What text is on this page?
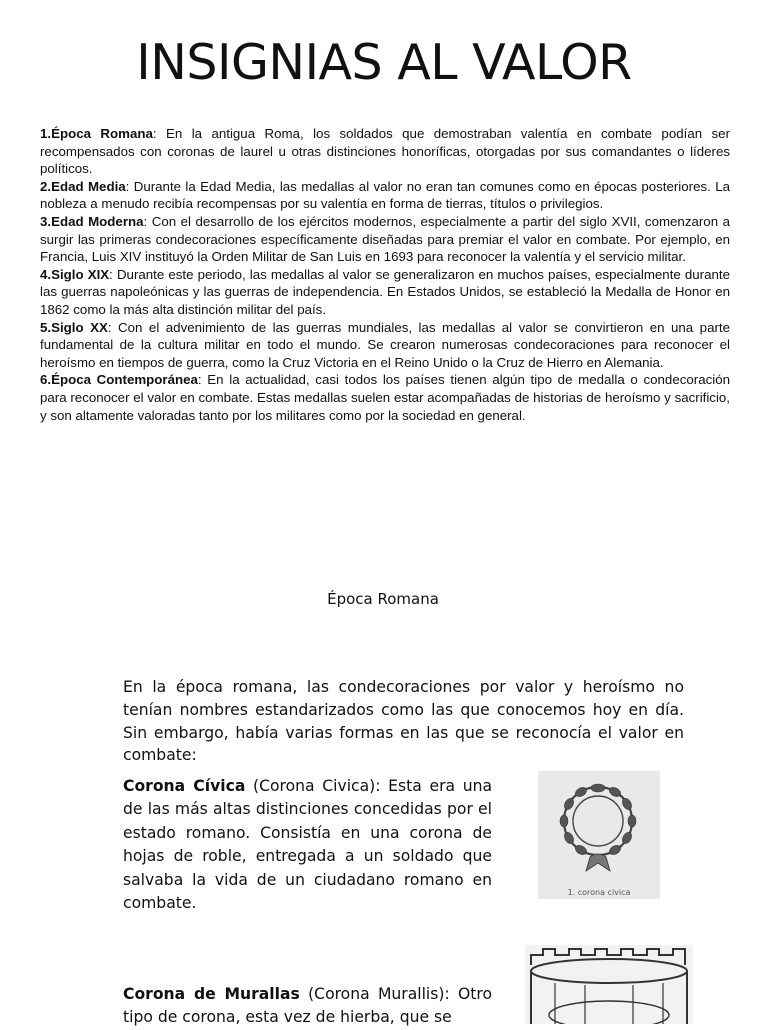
INSIGNIAS AL VALOR

1.Época Romana: En la antigua Roma, los soldados que demostraban valentía en combate podían ser recompensados con coronas de laurel u otras distinciones honoríficas, otorgadas por sus comandantes o líderes políticos.

2.Edad Media: Durante la Edad Media, las medallas al valor no eran tan comunes como en épocas posteriores. La nobleza a menudo recibía recompensas por su valentía en forma de tierras, títulos o privilegios.

3.Edad Moderna: Con el desarrollo de los ejércitos modernos, especialmente a partir del siglo XVII, comenzaron a surgir las primeras condecoraciones específicamente diseñadas para premiar el valor en combate. Por ejemplo, en Francia, Luis XIV instituyó la Orden Militar de San Luis en 1693 para reconocer la valentía y el servicio militar.

4.Siglo XIX: Durante este periodo, las medallas al valor se generalizaron en muchos países, especialmente durante las guerras napoleónicas y las guerras de independencia. En Estados Unidos, se estableció la Medalla de Honor en 1862 como la más alta distinción militar del país.

5.Siglo XX: Con el advenimiento de las guerras mundiales, las medallas al valor se convirtieron en una parte fundamental de la cultura militar en todo el mundo. Se crearon numerosas condecoraciones para reconocer el heroísmo en tiempos de guerra, como la Cruz Victoria en el Reino Unido o la Cruz de Hierro en Alemania.

6.Época Contemporánea: En la actualidad, casi todos los países tienen algún tipo de medalla o condecoración para reconocer el valor en combate. Estas medallas suelen estar acompañadas de historias de heroísmo y sacrificio, y son altamente valoradas tanto por los militares como por la sociedad en general.

Época Romana

En la época romana, las condecoraciones por valor y heroísmo no tenían nombres estandarizados como las que conocemos hoy en día. Sin embargo, había varias formas en las que se reconocía el valor en combate:

Corona Cívica (Corona Civica): Esta era una de las más altas distinciones concedidas por el estado romano. Consistía en una corona de hojas de roble, entregada a un soldado que salvaba la vida de un ciudadano romano en combate.

1. corona civica

Corona de Murallas (Corona Murallis): Otro tipo de corona, esta vez de hierba, que se
